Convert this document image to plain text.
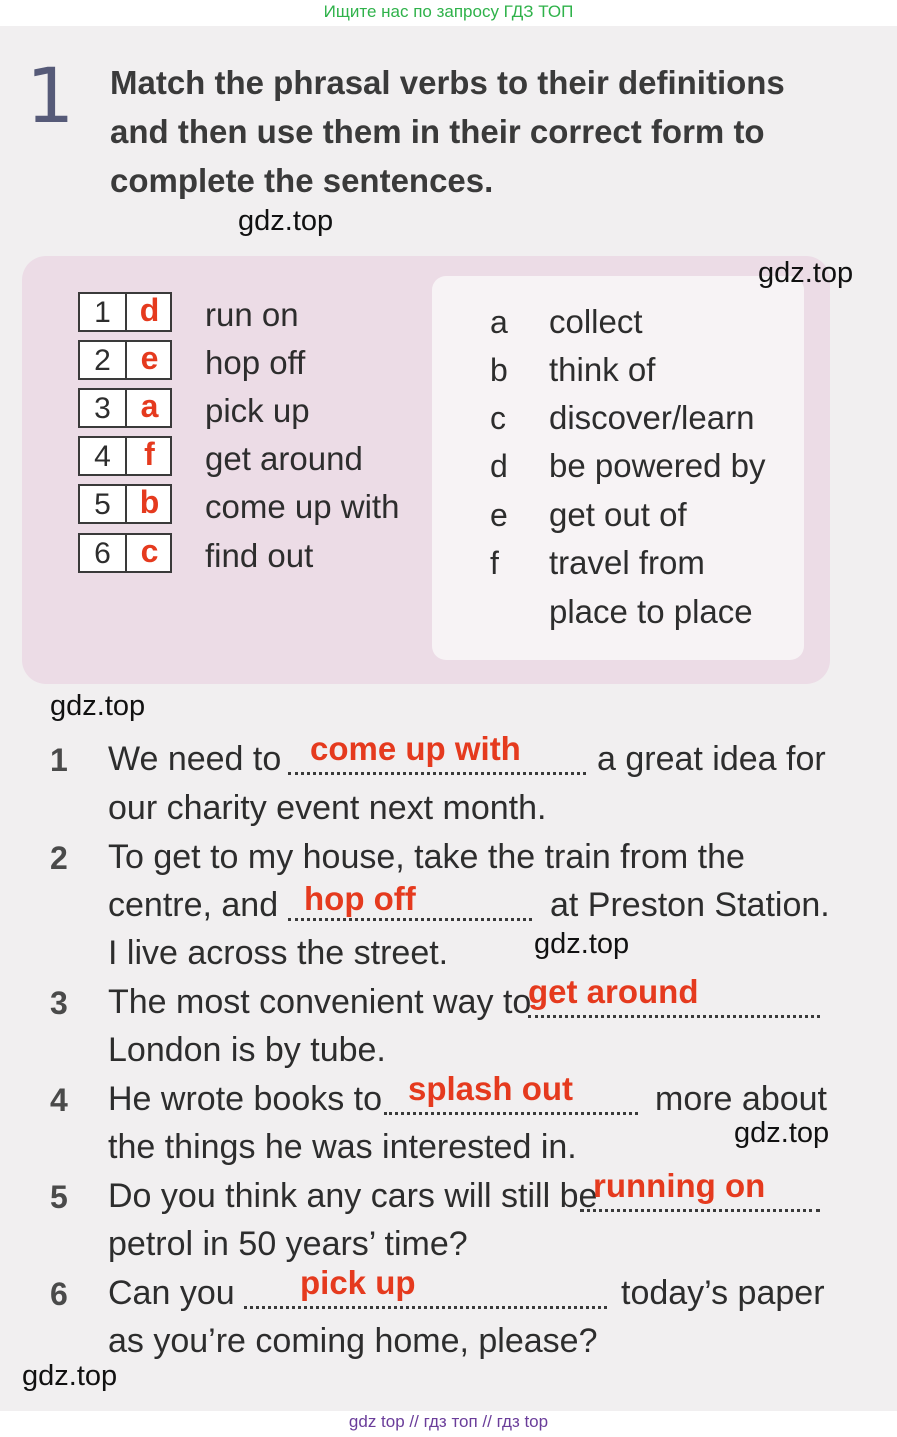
Ищите нас по запросу ГДЗ ТОП
1 Match the phrasal verbs to their definitions
and then use them in their correct form to
complete the sentences.
gdz.top
gdz.top
1 d	run on
2 e	hop off
3 a	pick up
4	f	get around
5 b	come up with
6 c	find out
a collect
b think of
c discover/learn
d be powered by
e get out of
f travel from
place to place
gdz.top
1 We need to come up with a great idea for
our charity event next month.
2 To get to my house, take the train from the
centre, and hop off	at Preston Station.
I live across the street.	gdz.top
3 The most convenient way to
get around
London is by tube.
4 He wrote books to splash out more about
the things he was interested in.	gdz.top
5 Do you think any cars will still be
running on
petrol in 50 years’ time?
6 Can you pick up	today’s paper
as you’re coming home, please?
gdz.top
gdz top // гдз топ // гдз top
